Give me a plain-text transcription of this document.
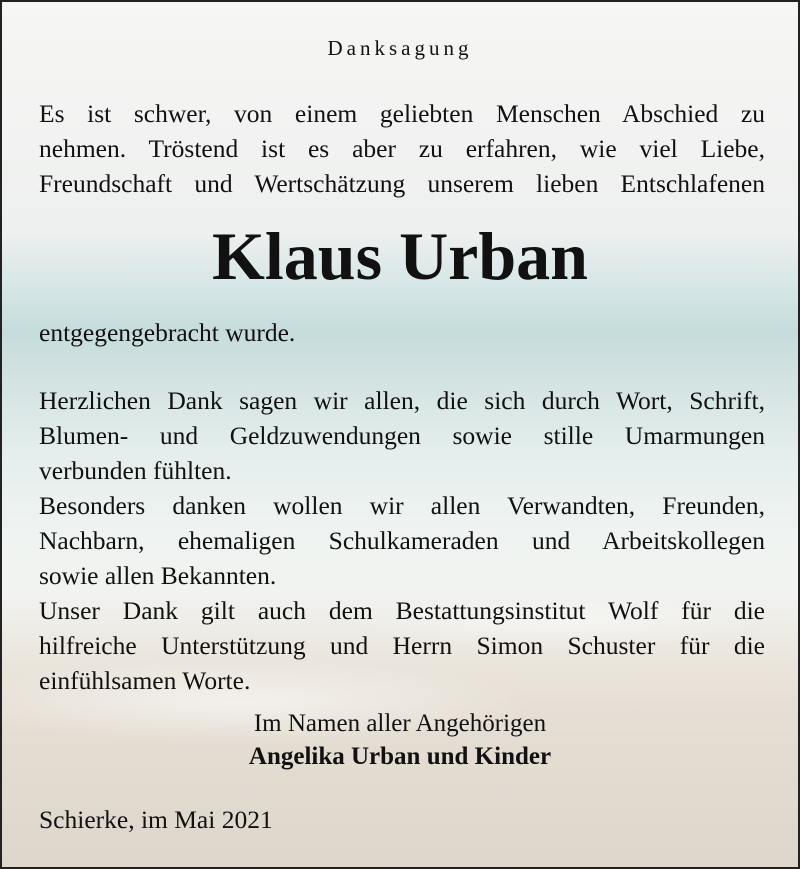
Danksagung
Es ist schwer, von einem geliebten Menschen Abschied zu
nehmen. Tröstend ist es aber zu erfahren, wie viel Liebe,
Freundschaft und Wertschätzung unserem lieben Entschlafenen
Klaus Urban
entgegengebracht wurde.
Herzlichen Dank sagen wir allen, die sich durch Wort, Schrift,
Blumen- und Geldzuwendungen sowie stille Umarmungen
verbunden fühlten.
Besonders danken wollen wir allen Verwandten, Freunden,
Nachbarn, ehemaligen Schulkameraden und Arbeitskollegen
sowie allen Bekannten.
Unser Dank gilt auch dem Bestattungsinstitut Wolf für die
hilfreiche Unterstützung und Herrn Simon Schuster für die
einfühlsamen Worte.
Im Namen aller Angehörigen
Angelika Urban und Kinder
Schierke, im Mai 2021
